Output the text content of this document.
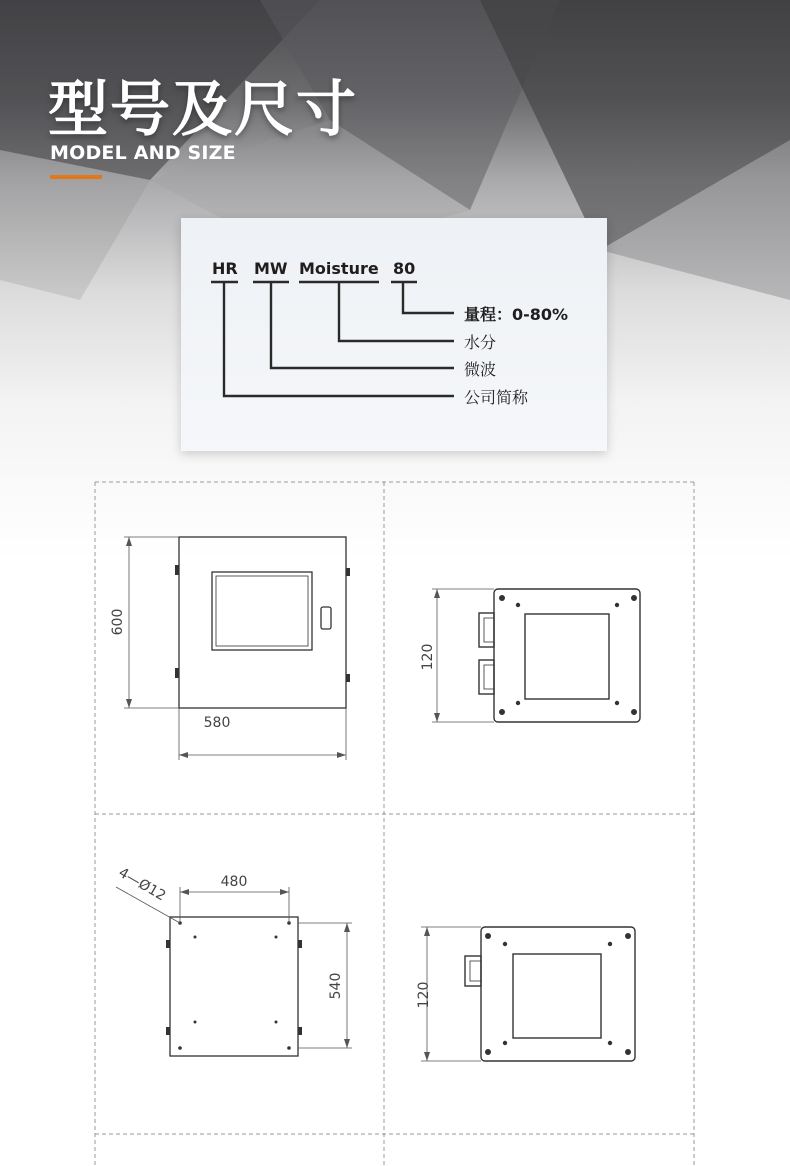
型号及尺寸
MODEL AND SIZE
HR MW Moisture 80
量程：0-80%
水分
微波
公司简称
600
580
120
480
540
4—Ø12
120
